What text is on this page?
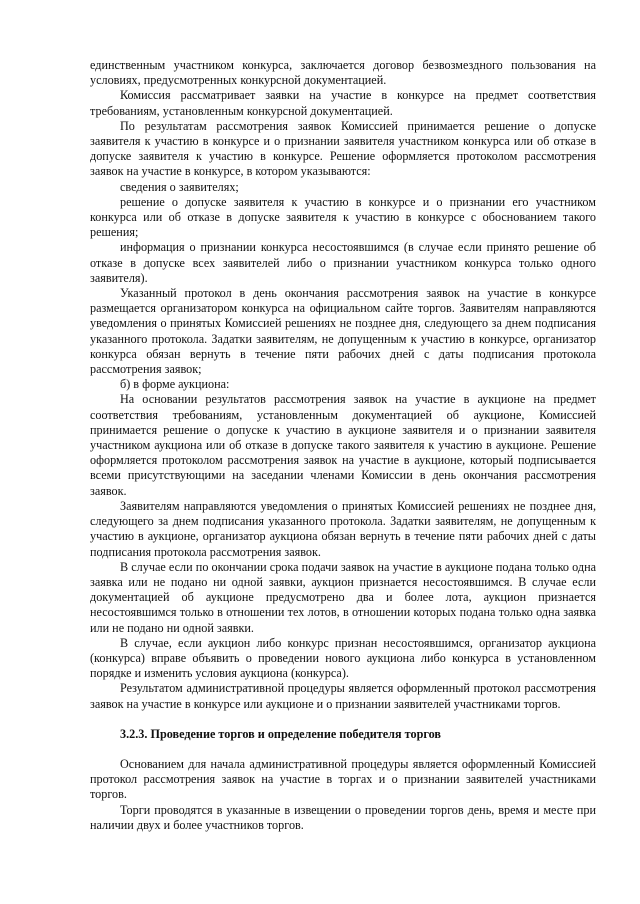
единственным участником конкурса, заключается договор безвозмездного пользования на условиях, предусмотренных конкурсной документацией.

Комиссия рассматривает заявки на участие в конкурсе на предмет соответствия требованиям, установленным конкурсной документацией.

По результатам рассмотрения заявок Комиссией принимается решение о допуске заявителя к участию в конкурсе и о признании заявителя участником конкурса или об отказе в допуске заявителя к участию в конкурсе. Решение оформляется протоколом рассмотрения заявок на участие в конкурсе, в котором указываются:

сведения о заявителях;

решение о допуске заявителя к участию в конкурсе и о признании его участником конкурса или об отказе в допуске заявителя к участию в конкурсе с обоснованием такого решения;

информация о признании конкурса несостоявшимся (в случае если принято решение об отказе в допуске всех заявителей либо о признании участником конкурса только одного заявителя).

Указанный протокол в день окончания рассмотрения заявок на участие в конкурсе размещается организатором конкурса на официальном сайте торгов. Заявителям направляются уведомления о принятых Комиссией решениях не позднее дня, следующего за днем подписания указанного протокола. Задатки заявителям, не допущенным к участию в конкурсе, организатор конкурса обязан вернуть в течение пяти рабочих дней с даты подписания протокола рассмотрения заявок;

б) в форме аукциона:

На основании результатов рассмотрения заявок на участие в аукционе на предмет соответствия требованиям, установленным документацией об аукционе, Комиссией принимается решение о допуске к участию в аукционе заявителя и о признании заявителя участником аукциона или об отказе в допуске такого заявителя к участию в аукционе. Решение оформляется протоколом рассмотрения заявок на участие в аукционе, который подписывается всеми присутствующими на заседании членами Комиссии в день окончания рассмотрения заявок.

Заявителям направляются уведомления о принятых Комиссией решениях не позднее дня, следующего за днем подписания указанного протокола. Задатки заявителям, не допущенным к участию в аукционе, организатор аукциона обязан вернуть в течение пяти рабочих дней с даты подписания протокола рассмотрения заявок.

В случае если по окончании срока подачи заявок на участие в аукционе подана только одна заявка или не подано ни одной заявки, аукцион признается несостоявшимся. В случае если документацией об аукционе предусмотрено два и более лота, аукцион признается несостоявшимся только в отношении тех лотов, в отношении которых подана только одна заявка или не подано ни одной заявки.

В случае, если аукцион либо конкурс признан несостоявшимся, организатор аукциона (конкурса) вправе объявить о проведении нового аукциона либо конкурса в установленном порядке и изменить условия аукциона (конкурса).

Результатом административной процедуры является оформленный протокол рассмотрения заявок на участие в конкурсе или аукционе и о признании заявителей участниками торгов.

3.2.3. Проведение торгов и определение победителя торгов

Основанием для начала административной процедуры является оформленный Комиссией протокол рассмотрения заявок на участие в торгах и о признании заявителей участниками торгов.

Торги проводятся в указанные в извещении о проведении торгов день, время и месте при наличии двух и более участников торгов.
